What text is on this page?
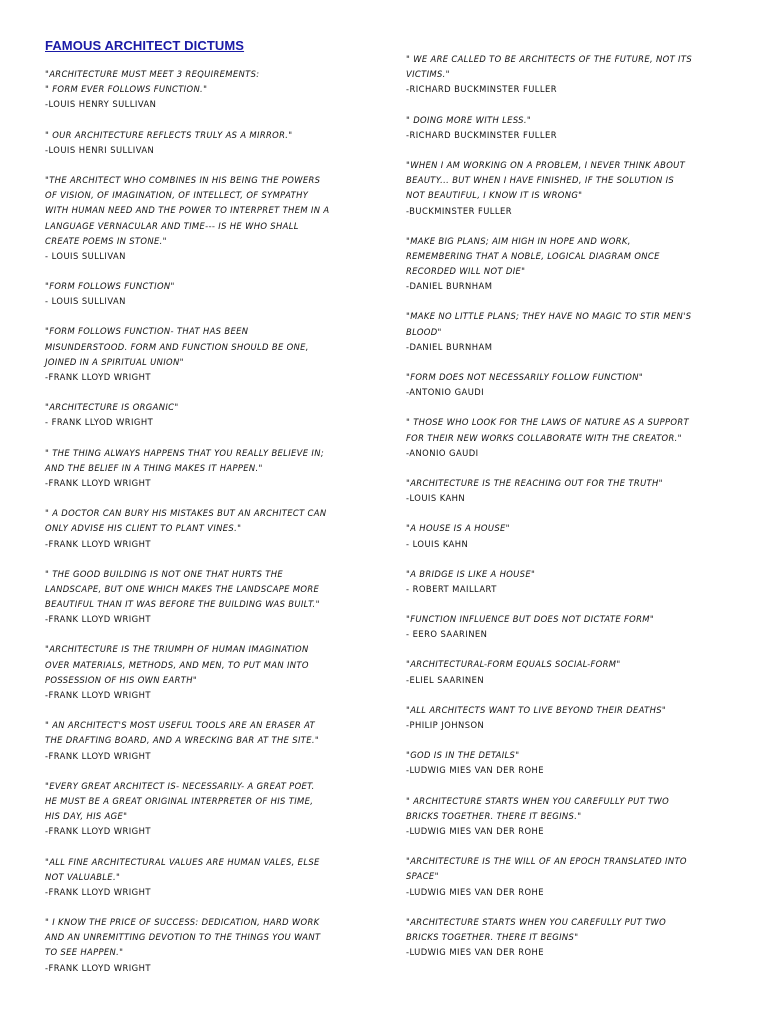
FAMOUS ARCHITECT DICTUMS
"ARCHITECTURE MUST MEET 3 REQUIREMENTS:
" FORM EVER FOLLOWS FUNCTION."
-LOUIS HENRY SULLIVAN
" OUR ARCHITECTURE REFLECTS TRULY AS A MIRROR."
-LOUIS HENRI SULLIVAN
"THE ARCHITECT WHO COMBINES IN HIS BEING THE POWERS
OF VISION, OF IMAGINATION, OF INTELLECT, OF SYMPATHY
WITH HUMAN NEED AND THE POWER TO INTERPRET THEM IN A
LANGUAGE VERNACULAR AND TIME--- IS HE WHO SHALL
CREATE POEMS IN STONE."
- LOUIS SULLIVAN
"FORM FOLLOWS FUNCTION"
- LOUIS SULLIVAN
"FORM FOLLOWS FUNCTION- THAT HAS BEEN
MISUNDERSTOOD. FORM AND FUNCTION SHOULD BE ONE,
JOINED IN A SPIRITUAL UNION"
-FRANK LLOYD WRIGHT
"ARCHITECTURE IS ORGANIC"
- FRANK LLYOD WRIGHT
" THE THING ALWAYS HAPPENS THAT YOU REALLY BELIEVE IN;
AND THE BELIEF IN A THING MAKES IT HAPPEN."
-FRANK LLOYD WRIGHT
" A DOCTOR CAN BURY HIS MISTAKES BUT AN ARCHITECT CAN
ONLY ADVISE HIS CLIENT TO PLANT VINES."
-FRANK LLOYD WRIGHT
" THE GOOD BUILDING IS NOT ONE THAT HURTS THE
LANDSCAPE, BUT ONE WHICH MAKES THE LANDSCAPE MORE
BEAUTIFUL THAN IT WAS BEFORE THE BUILDING WAS BUILT."
-FRANK LLOYD WRIGHT
"ARCHITECTURE IS THE TRIUMPH OF HUMAN IMAGINATION
OVER MATERIALS, METHODS, AND MEN, TO PUT MAN INTO
POSSESSION OF HIS OWN EARTH"
-FRANK LLOYD WRIGHT
" AN ARCHITECT'S MOST USEFUL TOOLS ARE AN ERASER AT
THE DRAFTING BOARD, AND A WRECKING BAR AT THE SITE."
-FRANK LLOYD WRIGHT
"EVERY GREAT ARCHITECT IS- NECESSARILY- A GREAT POET.
HE MUST BE A GREAT ORIGINAL INTERPRETER OF HIS TIME,
HIS DAY, HIS AGE"
-FRANK LLOYD WRIGHT
"ALL FINE ARCHITECTURAL VALUES ARE HUMAN VALES, ELSE
NOT VALUABLE."
-FRANK LLOYD WRIGHT
" I KNOW THE PRICE OF SUCCESS: DEDICATION, HARD WORK
AND AN UNREMITTING DEVOTION TO THE THINGS YOU WANT
TO SEE HAPPEN."
-FRANK LLOYD WRIGHT
" WE ARE CALLED TO BE ARCHITECTS OF THE FUTURE, NOT ITS
VICTIMS."
-RICHARD BUCKMINSTER FULLER
" DOING MORE WITH LESS."
-RICHARD BUCKMINSTER FULLER
"WHEN I AM WORKING ON A PROBLEM, I NEVER THINK ABOUT
BEAUTY... BUT WHEN I HAVE FINISHED, IF THE SOLUTION IS
NOT BEAUTIFUL, I KNOW IT IS WRONG"
-BUCKMINSTER FULLER
"MAKE BIG PLANS; AIM HIGH IN HOPE AND WORK,
REMEMBERING THAT A NOBLE, LOGICAL DIAGRAM ONCE
RECORDED WILL NOT DIE"
-DANIEL BURNHAM
"MAKE NO LITTLE PLANS; THEY HAVE NO MAGIC TO STIR MEN'S
BLOOD"
-DANIEL BURNHAM
"FORM DOES NOT NECESSARILY FOLLOW FUNCTION"
-ANTONIO GAUDI
" THOSE WHO LOOK FOR THE LAWS OF NATURE AS A SUPPORT
FOR THEIR NEW WORKS COLLABORATE WITH THE CREATOR."
-ANONIO GAUDI
"ARCHITECTURE IS THE REACHING OUT FOR THE TRUTH"
-LOUIS KAHN
"A HOUSE IS A HOUSE"
- LOUIS KAHN
"A BRIDGE IS LIKE A HOUSE"
- ROBERT MAILLART
"FUNCTION INFLUENCE BUT DOES NOT DICTATE FORM"
- EERO SAARINEN
"ARCHITECTURAL-FORM EQUALS SOCIAL-FORM"
-ELIEL SAARINEN
"ALL ARCHITECTS WANT TO LIVE BEYOND THEIR DEATHS"
-PHILIP JOHNSON
"GOD IS IN THE DETAILS"
-LUDWIG MIES VAN DER ROHE
" ARCHITECTURE STARTS WHEN YOU CAREFULLY PUT TWO
BRICKS TOGETHER. THERE IT BEGINS."
-LUDWIG MIES VAN DER ROHE
"ARCHITECTURE IS THE WILL OF AN EPOCH TRANSLATED INTO
SPACE"
-LUDWIG MIES VAN DER ROHE
"ARCHITECTURE STARTS WHEN YOU CAREFULLY PUT TWO
BRICKS TOGETHER. THERE IT BEGINS"
-LUDWIG MIES VAN DER ROHE
